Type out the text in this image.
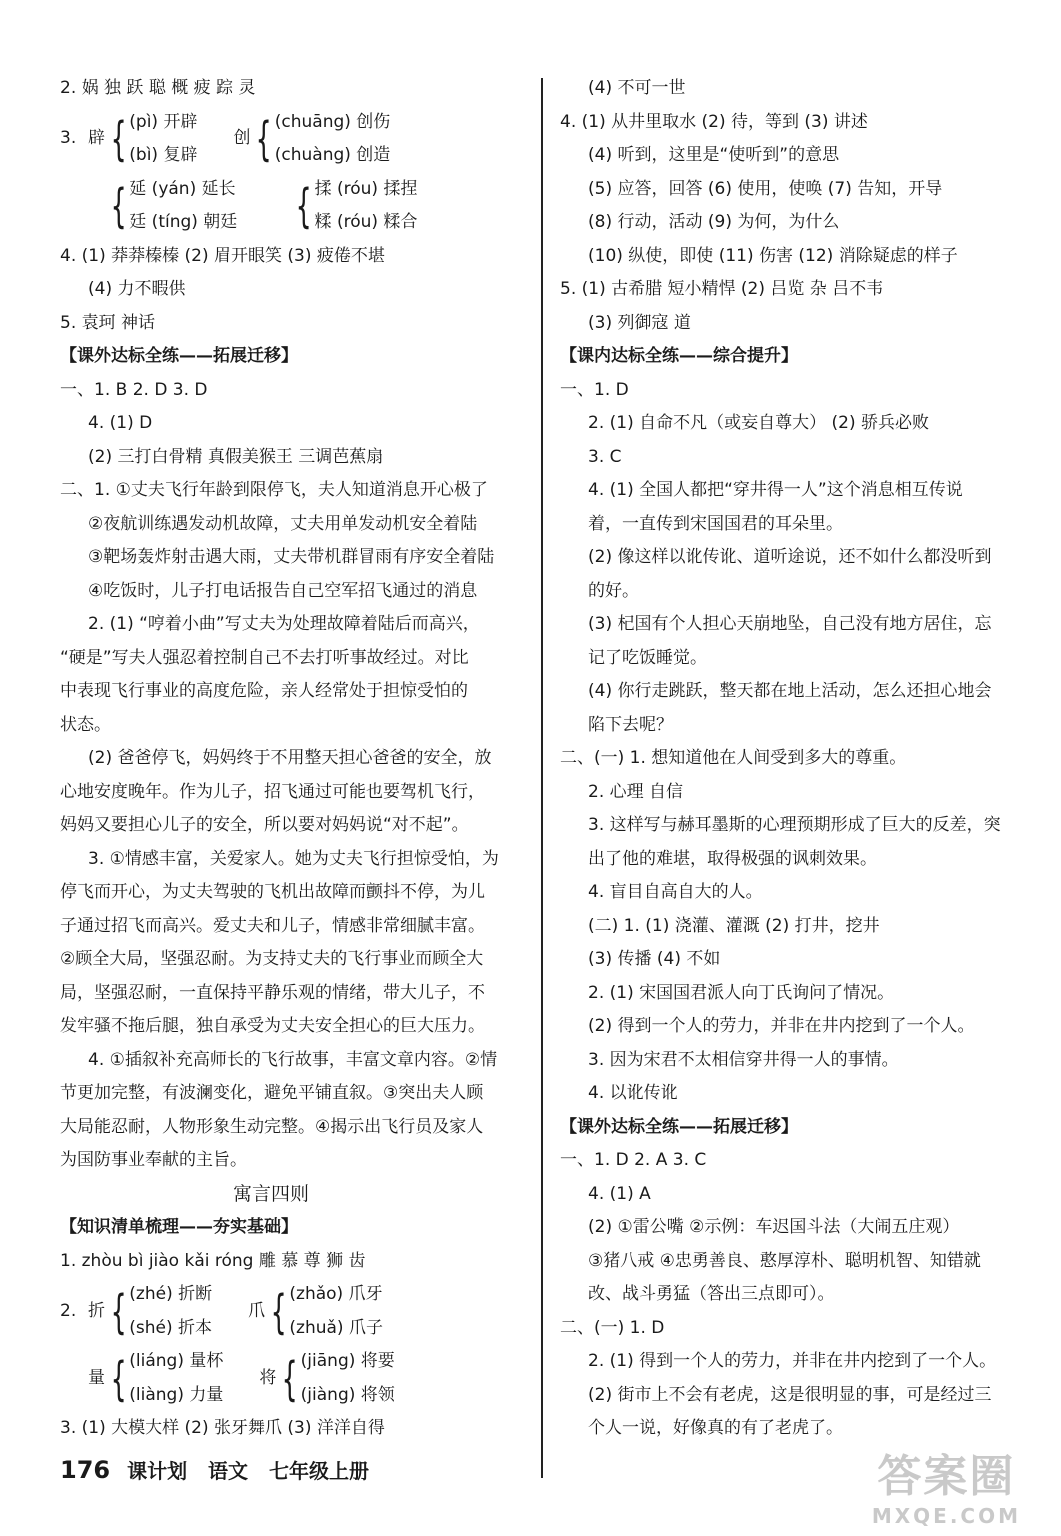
2. 娲 独 跃 聪 概 疲 踪 灵
3. 辟 { (pì) 开辟
(bì) 复辟
创 { (chuāng) 创伤
(chuàng) 创造
{ 延 (yán) 延长
廷 (tíng) 朝廷 { 揉 (róu) 揉捏
糅 (róu) 糅合
4. (1) 莽莽榛榛 (2) 眉开眼笑 (3) 疲倦不堪
(4) 力不暇供
5. 袁珂 神话
【课外达标全练——拓展迁移】
一、1. B 2. D 3. D
4. (1) D
(2) 三打白骨精 真假美猴王 三调芭蕉扇
二、1. ①丈夫飞行年龄到限停飞，夫人知道消息开心极了
②夜航训练遇发动机故障，丈夫用单发动机安全着陆
③靶场轰炸射击遇大雨，丈夫带机群冒雨有序安全着陆
④吃饭时，儿子打电话报告自己空军招飞通过的消息
2. (1) “哼着小曲”写丈夫为处理故障着陆后而高兴，
“硬是”写夫人强忍着控制自己不去打听事故经过。对比
中表现飞行事业的高度危险，亲人经常处于担惊受怕的
状态。
(2) 爸爸停飞，妈妈终于不用整天担心爸爸的安全，放
心地安度晚年。作为儿子，招飞通过可能也要驾机飞行，
妈妈又要担心儿子的安全，所以要对妈妈说“对不起”。
3. ①情感丰富，关爱家人。她为丈夫飞行担惊受怕，为
停飞而开心，为丈夫驾驶的飞机出故障而颤抖不停，为儿
子通过招飞而高兴。爱丈夫和儿子，情感非常细腻丰富。
②顾全大局，坚强忍耐。为支持丈夫的飞行事业而顾全大
局，坚强忍耐，一直保持平静乐观的情绪，带大儿子，不
发牢骚不拖后腿，独自承受为丈夫安全担心的巨大压力。
4. ①插叙补充高师长的飞行故事，丰富文章内容。②情
节更加完整，有波澜变化，避免平铺直叙。③突出夫人顾
大局能忍耐，人物形象生动完整。④揭示出飞行员及家人
为国防事业奉献的主旨。
寓言四则
【知识清单梳理——夯实基础】
1. zhòu bì jiào kǎi róng 雕 慕 尊 狮 齿
2. 折 { (zhé) 折断
(shé) 折本
爪 { (zhǎo) 爪牙
(zhuǎ) 爪子
量 { (liáng) 量杯
(liàng) 力量
将 { (jiāng) 将要
(jiàng) 将领
3. (1) 大模大样 (2) 张牙舞爪 (3) 洋洋自得
(4) 不可一世
4. (1) 从井里取水 (2) 待，等到 (3) 讲述
(4) 听到，这里是“使听到”的意思
(5) 应答，回答 (6) 使用，使唤 (7) 告知，开导
(8) 行动，活动 (9) 为何，为什么
(10) 纵使，即使 (11) 伤害 (12) 消除疑虑的样子
5. (1) 古希腊 短小精悍 (2) 吕览 杂 吕不韦
(3) 列御寇 道
【课内达标全练——综合提升】
一、1. D
2. (1) 自命不凡（或妄自尊大） (2) 骄兵必败
3. C
4. (1) 全国人都把“穿井得一人”这个消息相互传说
着，一直传到宋国国君的耳朵里。
(2) 像这样以讹传讹、道听途说，还不如什么都没听到
的好。
(3) 杞国有个人担心天崩地坠，自己没有地方居住，忘
记了吃饭睡觉。
(4) 你行走跳跃，整天都在地上活动，怎么还担心地会
陷下去呢？
二、(一) 1. 想知道他在人间受到多大的尊重。
2. 心理 自信
3. 这样写与赫耳墨斯的心理预期形成了巨大的反差，突
出了他的难堪，取得极强的讽刺效果。
4. 盲目自高自大的人。
(二) 1. (1) 浇灌、灌溉 (2) 打井，挖井
(3) 传播 (4) 不如
2. (1) 宋国国君派人向丁氏询问了情况。
(2) 得到一个人的劳力，并非在井内挖到了一个人。
3. 因为宋君不太相信穿井得一人的事情。
4. 以讹传讹
【课外达标全练——拓展迁移】
一、1. D 2. A 3. C
4. (1) A
(2) ①雷公嘴 ②示例：车迟国斗法（大闹五庄观）
③猪八戒 ④忠勇善良、憨厚淳朴、聪明机智、知错就
改、战斗勇猛（答出三点即可）。
二、(一) 1. D
2. (1) 得到一个人的劳力，并非在井内挖到了一个人。
(2) 街市上不会有老虎，这是很明显的事，可是经过三
个人一说，好像真的有了老虎了。
176 课计划 语文 七年级上册	答案圈
MXQE.COM
